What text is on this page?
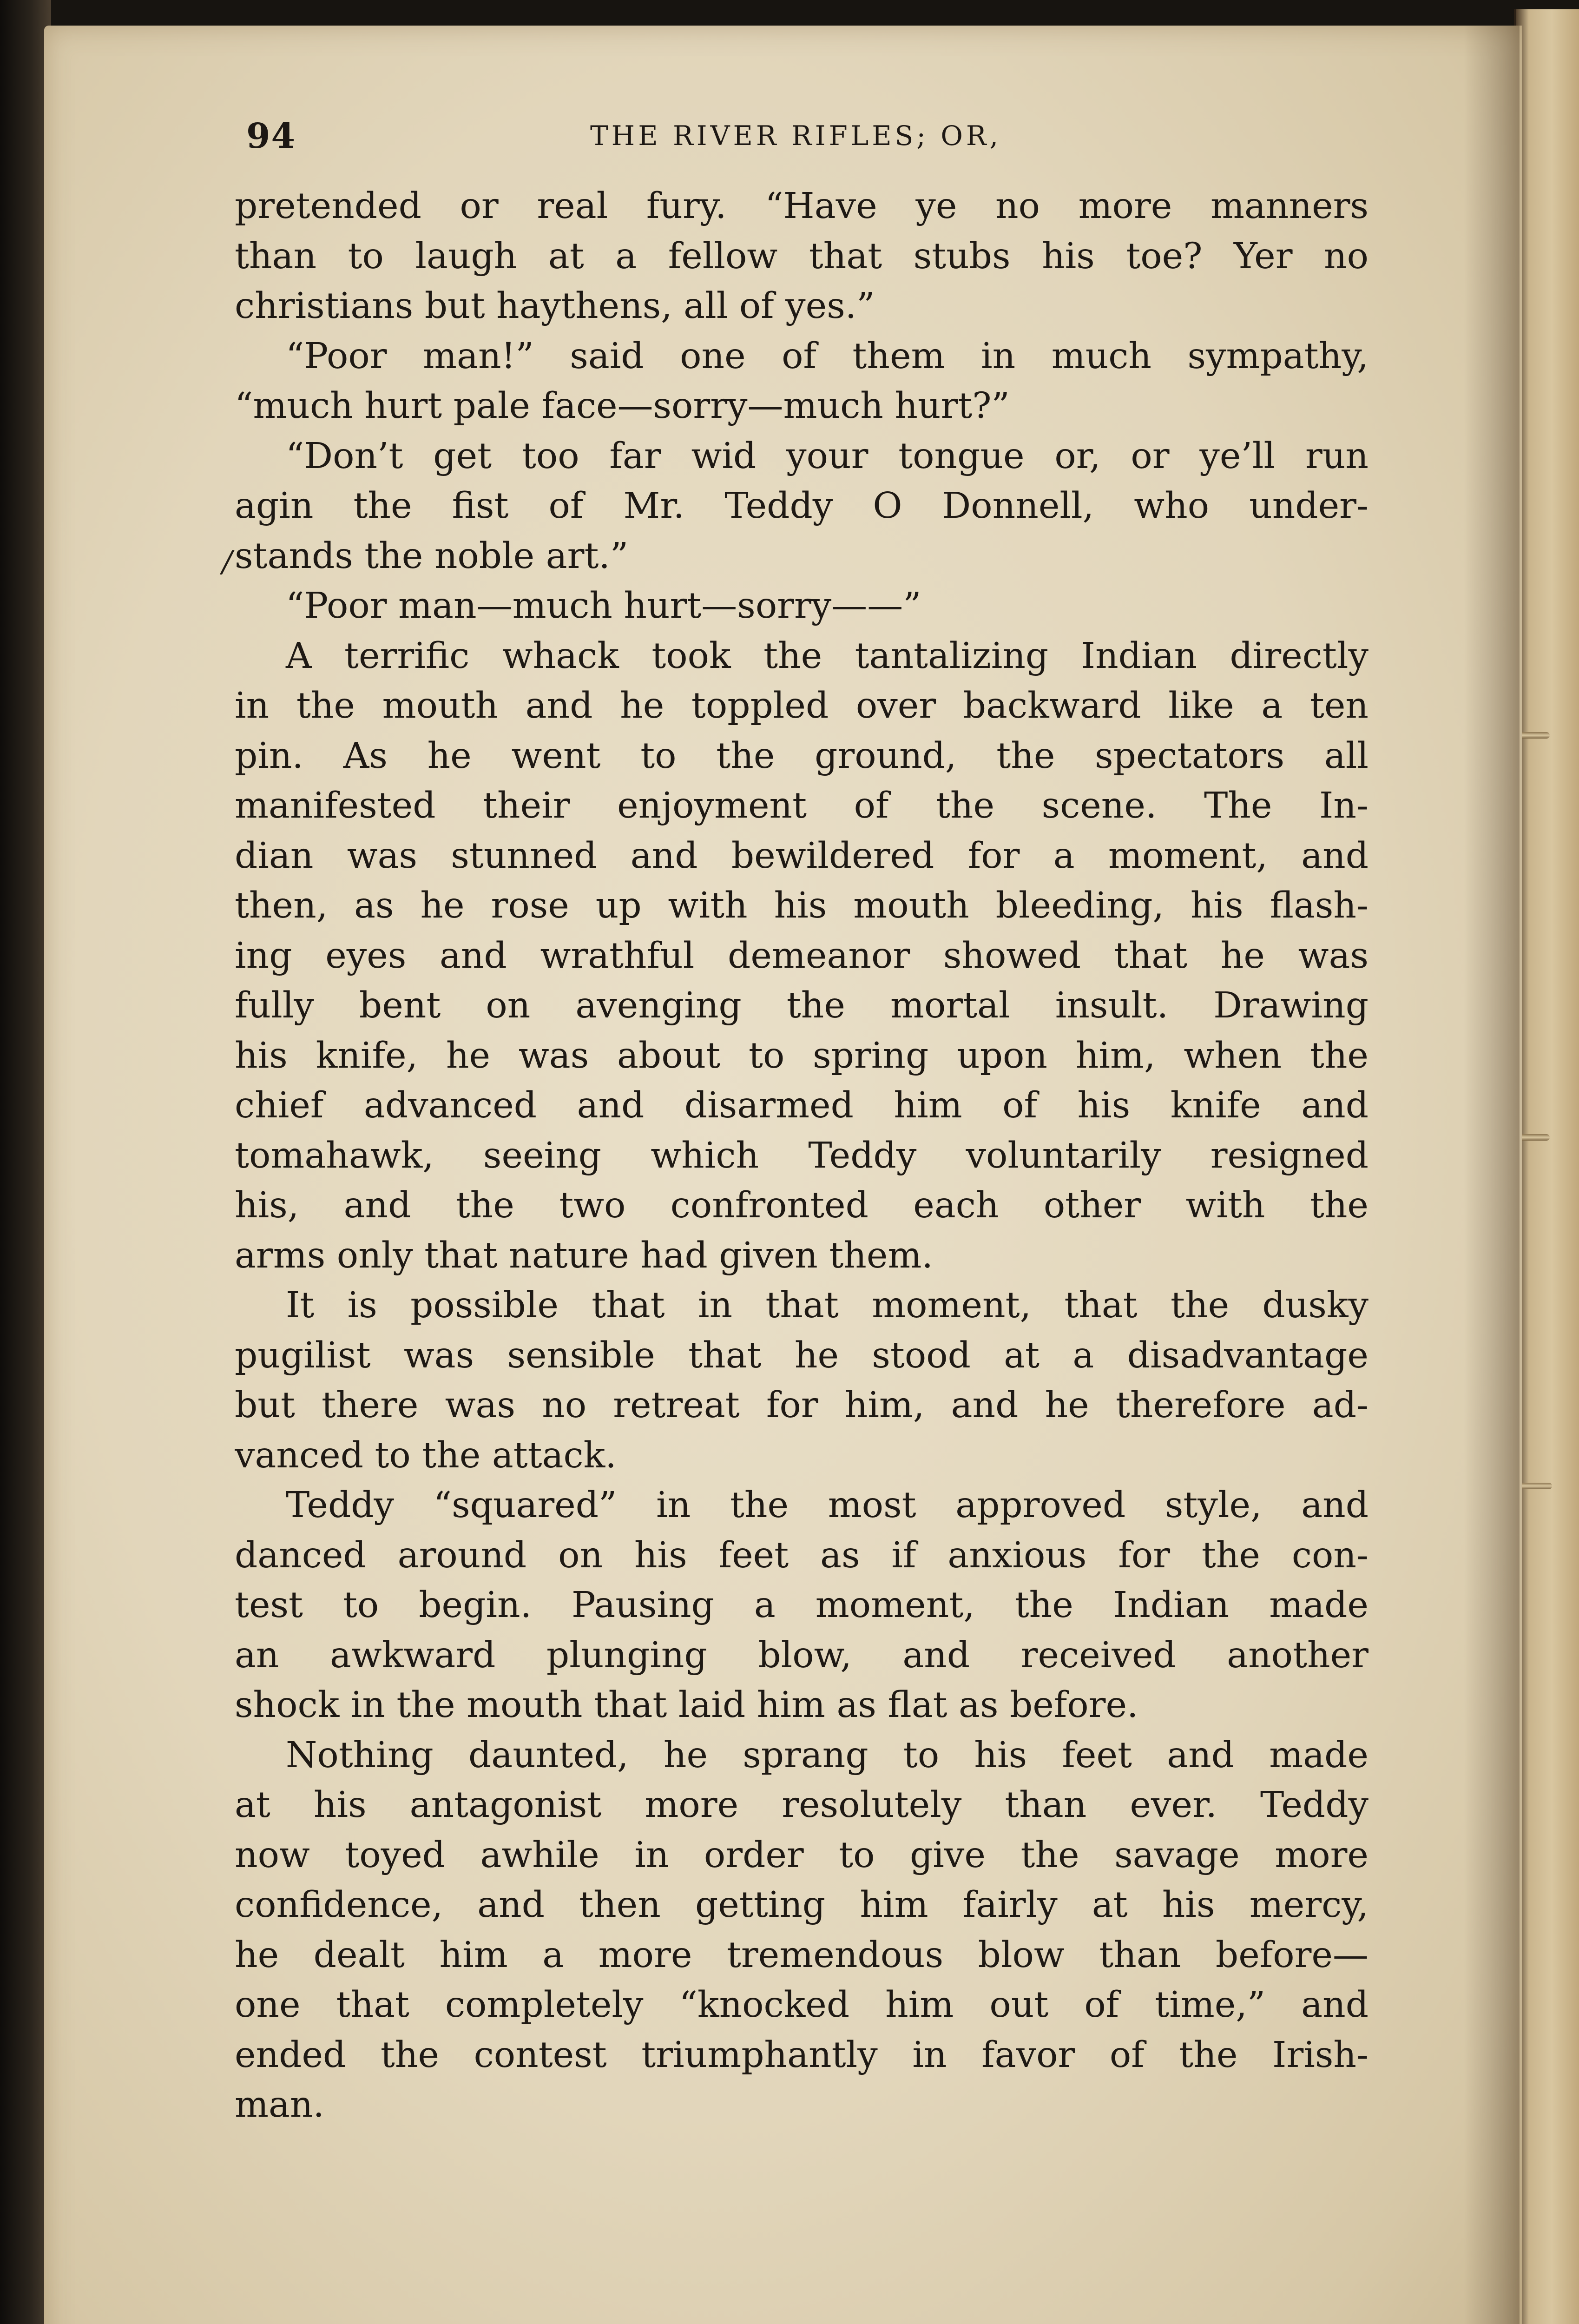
94	THE RIVER RIFLES; OR,
/
pretended or real fury. “Have ye no more manners
than to laugh at a fellow that stubs his toe? Yer no
christians but haythens, all of yes.”
“Poor man!” said one of them in much sympathy,
“much hurt pale face—sorry—much hurt?”
“Don’t get too far wid your tongue or, or ye’ll run
agin the fist of Mr. Teddy O Donnell, who under-
stands the noble art.”
“Poor man—much hurt—sorry——”
A terrific whack took the tantalizing Indian directly
in the mouth and he toppled over backward like a ten
pin. As he went to the ground, the spectators all
manifested their enjoyment of the scene. The In-
dian was stunned and bewildered for a moment, and
then, as he rose up with his mouth bleeding, his flash-
ing eyes and wrathful demeanor showed that he was
fully bent on avenging the mortal insult. Drawing
his knife, he was about to spring upon him, when the
chief advanced and disarmed him of his knife and
tomahawk, seeing which Teddy voluntarily resigned
his, and the two confronted each other with the
arms only that nature had given them.
It is possible that in that moment, that the dusky
pugilist was sensible that he stood at a disadvantage
but there was no retreat for him, and he therefore ad-
vanced to the attack.
Teddy “squared” in the most approved style, and
danced around on his feet as if anxious for the con-
test to begin. Pausing a moment, the Indian made
an awkward plunging blow, and received another
shock in the mouth that laid him as flat as before.
Nothing daunted, he sprang to his feet and made
at his antagonist more resolutely than ever. Teddy
now toyed awhile in order to give the savage more
confidence, and then getting him fairly at his mercy,
he dealt him a more tremendous blow than before—
one that completely “knocked him out of time,” and
ended the contest triumphantly in favor of the Irish-
man.
